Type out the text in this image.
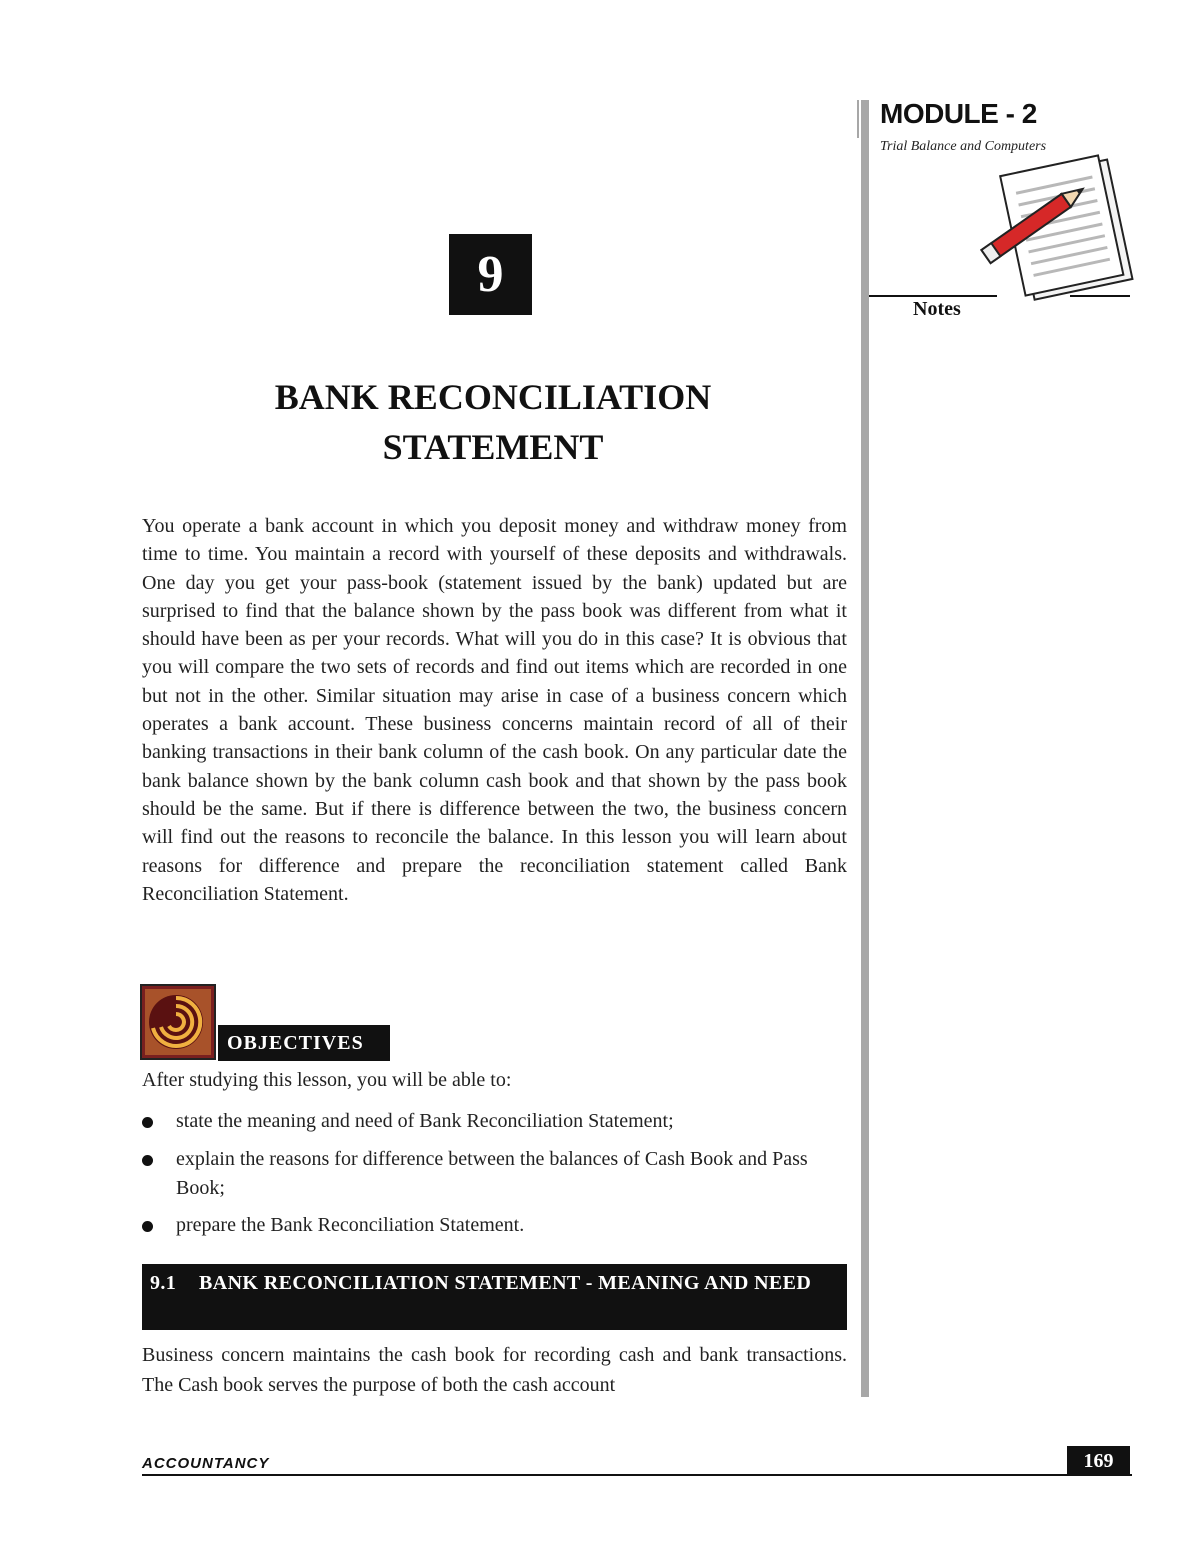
MODULE - 2
Trial Balance and Computers
Notes
9
BANK RECONCILIATION
STATEMENT
You operate a bank account in which you deposit money and withdraw money from time to time. You maintain a record with yourself of these deposits and withdrawals. One day you get your pass-book (statement issued by the bank) updated but are surprised to find that the balance shown by the pass book was different from what it should have been as per your records. What will you do in this case? It is obvious that you will compare the two sets of records and find out items which are recorded in one but not in the other. Similar situation may arise in case of a business concern which operates a bank account. These business concerns maintain record of all of their banking transactions in their bank column of the cash book. On any particular date the bank balance shown by the bank column cash book and that shown by the pass book should be the same. But if there is difference between the two, the business concern will find out the reasons to reconcile the balance. In this lesson you will learn about reasons for difference and prepare the reconciliation statement called Bank Reconciliation Statement.
OBJECTIVES
After studying this lesson, you will be able to:
state the meaning and need of Bank Reconciliation Statement;
explain the reasons for difference between the balances of Cash Book and Pass Book;
prepare the Bank Reconciliation Statement.
9.1 BANK RECONCILIATION STATEMENT - MEANING AND NEED
Business concern maintains the cash book for recording cash and bank transactions. The Cash book serves the purpose of both the cash account
ACCOUNTANCY	169
